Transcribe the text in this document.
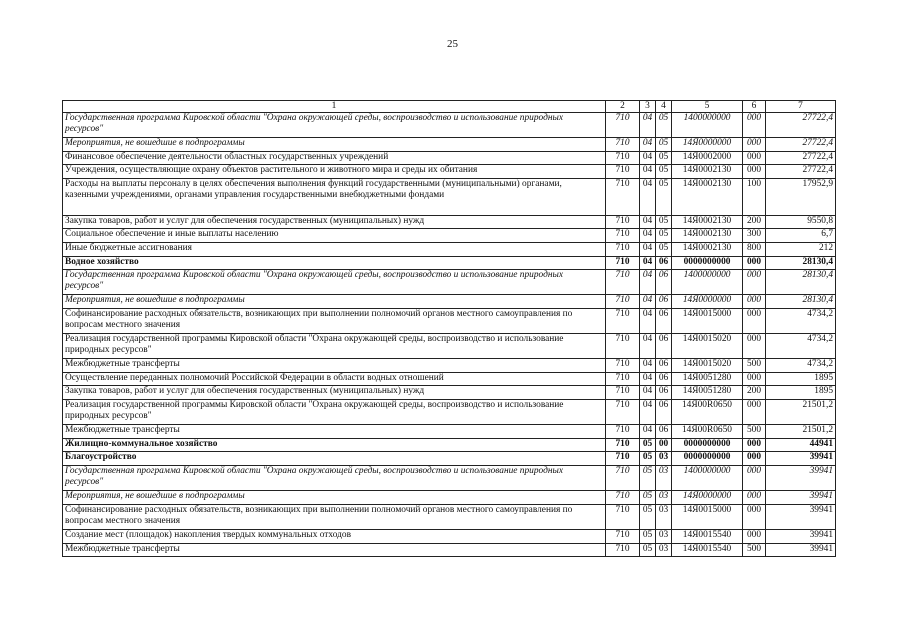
25
1	2	3	4	5	6	7
Государственная программа Кировской области "Охрана окружающей среды, воспроизводство и использование природных ресурсов"	710	04	05	1400000000	000	27722,4
Мероприятия, не вошедшие в подпрограммы	710	04	05	14Я0000000	000	27722,4
Финансовое обеспечение деятельности областных государственных учреждений	710	04	05	14Я0002000	000	27722,4
Учреждения, осуществляющие охрану объектов растительного и животного мира и среды их обитания	710	04	05	14Я0002130	000	27722,4
Расходы на выплаты персоналу в целях обеспечения выполнения функций государственными (муниципальными) органами, казенными учреждениями, органами управления государственными внебюджетными фондами	710	04	05	14Я0002130	100	17952,9
Закупка товаров, работ и услуг для обеспечения государственных (муниципальных) нужд	710	04	05	14Я0002130	200	9550,8
Социальное обеспечение и иные выплаты населению	710	04	05	14Я0002130	300	6,7
Иные бюджетные ассигнования	710	04	05	14Я0002130	800	212
Водное хозяйство	710	04	06	0000000000	000	28130,4
Государственная программа Кировской области "Охрана окружающей среды, воспроизводство и использование природных ресурсов"	710	04	06	1400000000	000	28130,4
Мероприятия, не вошедшие в подпрограммы	710	04	06	14Я0000000	000	28130,4
Софинансирование расходных обязательств, возникающих при выполнении полномочий органов местного самоуправления по вопросам местного значения	710	04	06	14Я0015000	000	4734,2
Реализация государственной программы Кировской области "Охрана окружающей среды, воспроизводство и использование природных ресурсов"	710	04	06	14Я0015020	000	4734,2
Межбюджетные трансферты	710	04	06	14Я0015020	500	4734,2
Осуществление переданных полномочий Российской Федерации в области водных отношений	710	04	06	14Я0051280	000	1895
Закупка товаров, работ и услуг для обеспечения государственных (муниципальных) нужд	710	04	06	14Я0051280	200	1895
Реализация государственной программы Кировской области "Охрана окружающей среды, воспроизводство и использование природных ресурсов"	710	04	06	14Я00R0650	000	21501,2
Межбюджетные трансферты	710	04	06	14Я00R0650	500	21501,2
Жилищно-коммунальное хозяйство	710	05	00	0000000000	000	44941
Благоустройство	710	05	03	0000000000	000	39941
Государственная программа Кировской области "Охрана окружающей среды, воспроизводство и использование природных ресурсов"	710	05	03	1400000000	000	39941
Мероприятия, не вошедшие в подпрограммы	710	05	03	14Я0000000	000	39941
Софинансирование расходных обязательств, возникающих при выполнении полномочий органов местного самоуправления по вопросам местного значения	710	05	03	14Я0015000	000	39941
Создание мест (площадок) накопления твердых коммунальных отходов	710	05	03	14Я0015540	000	39941
Межбюджетные трансферты	710	05	03	14Я0015540	500	39941
